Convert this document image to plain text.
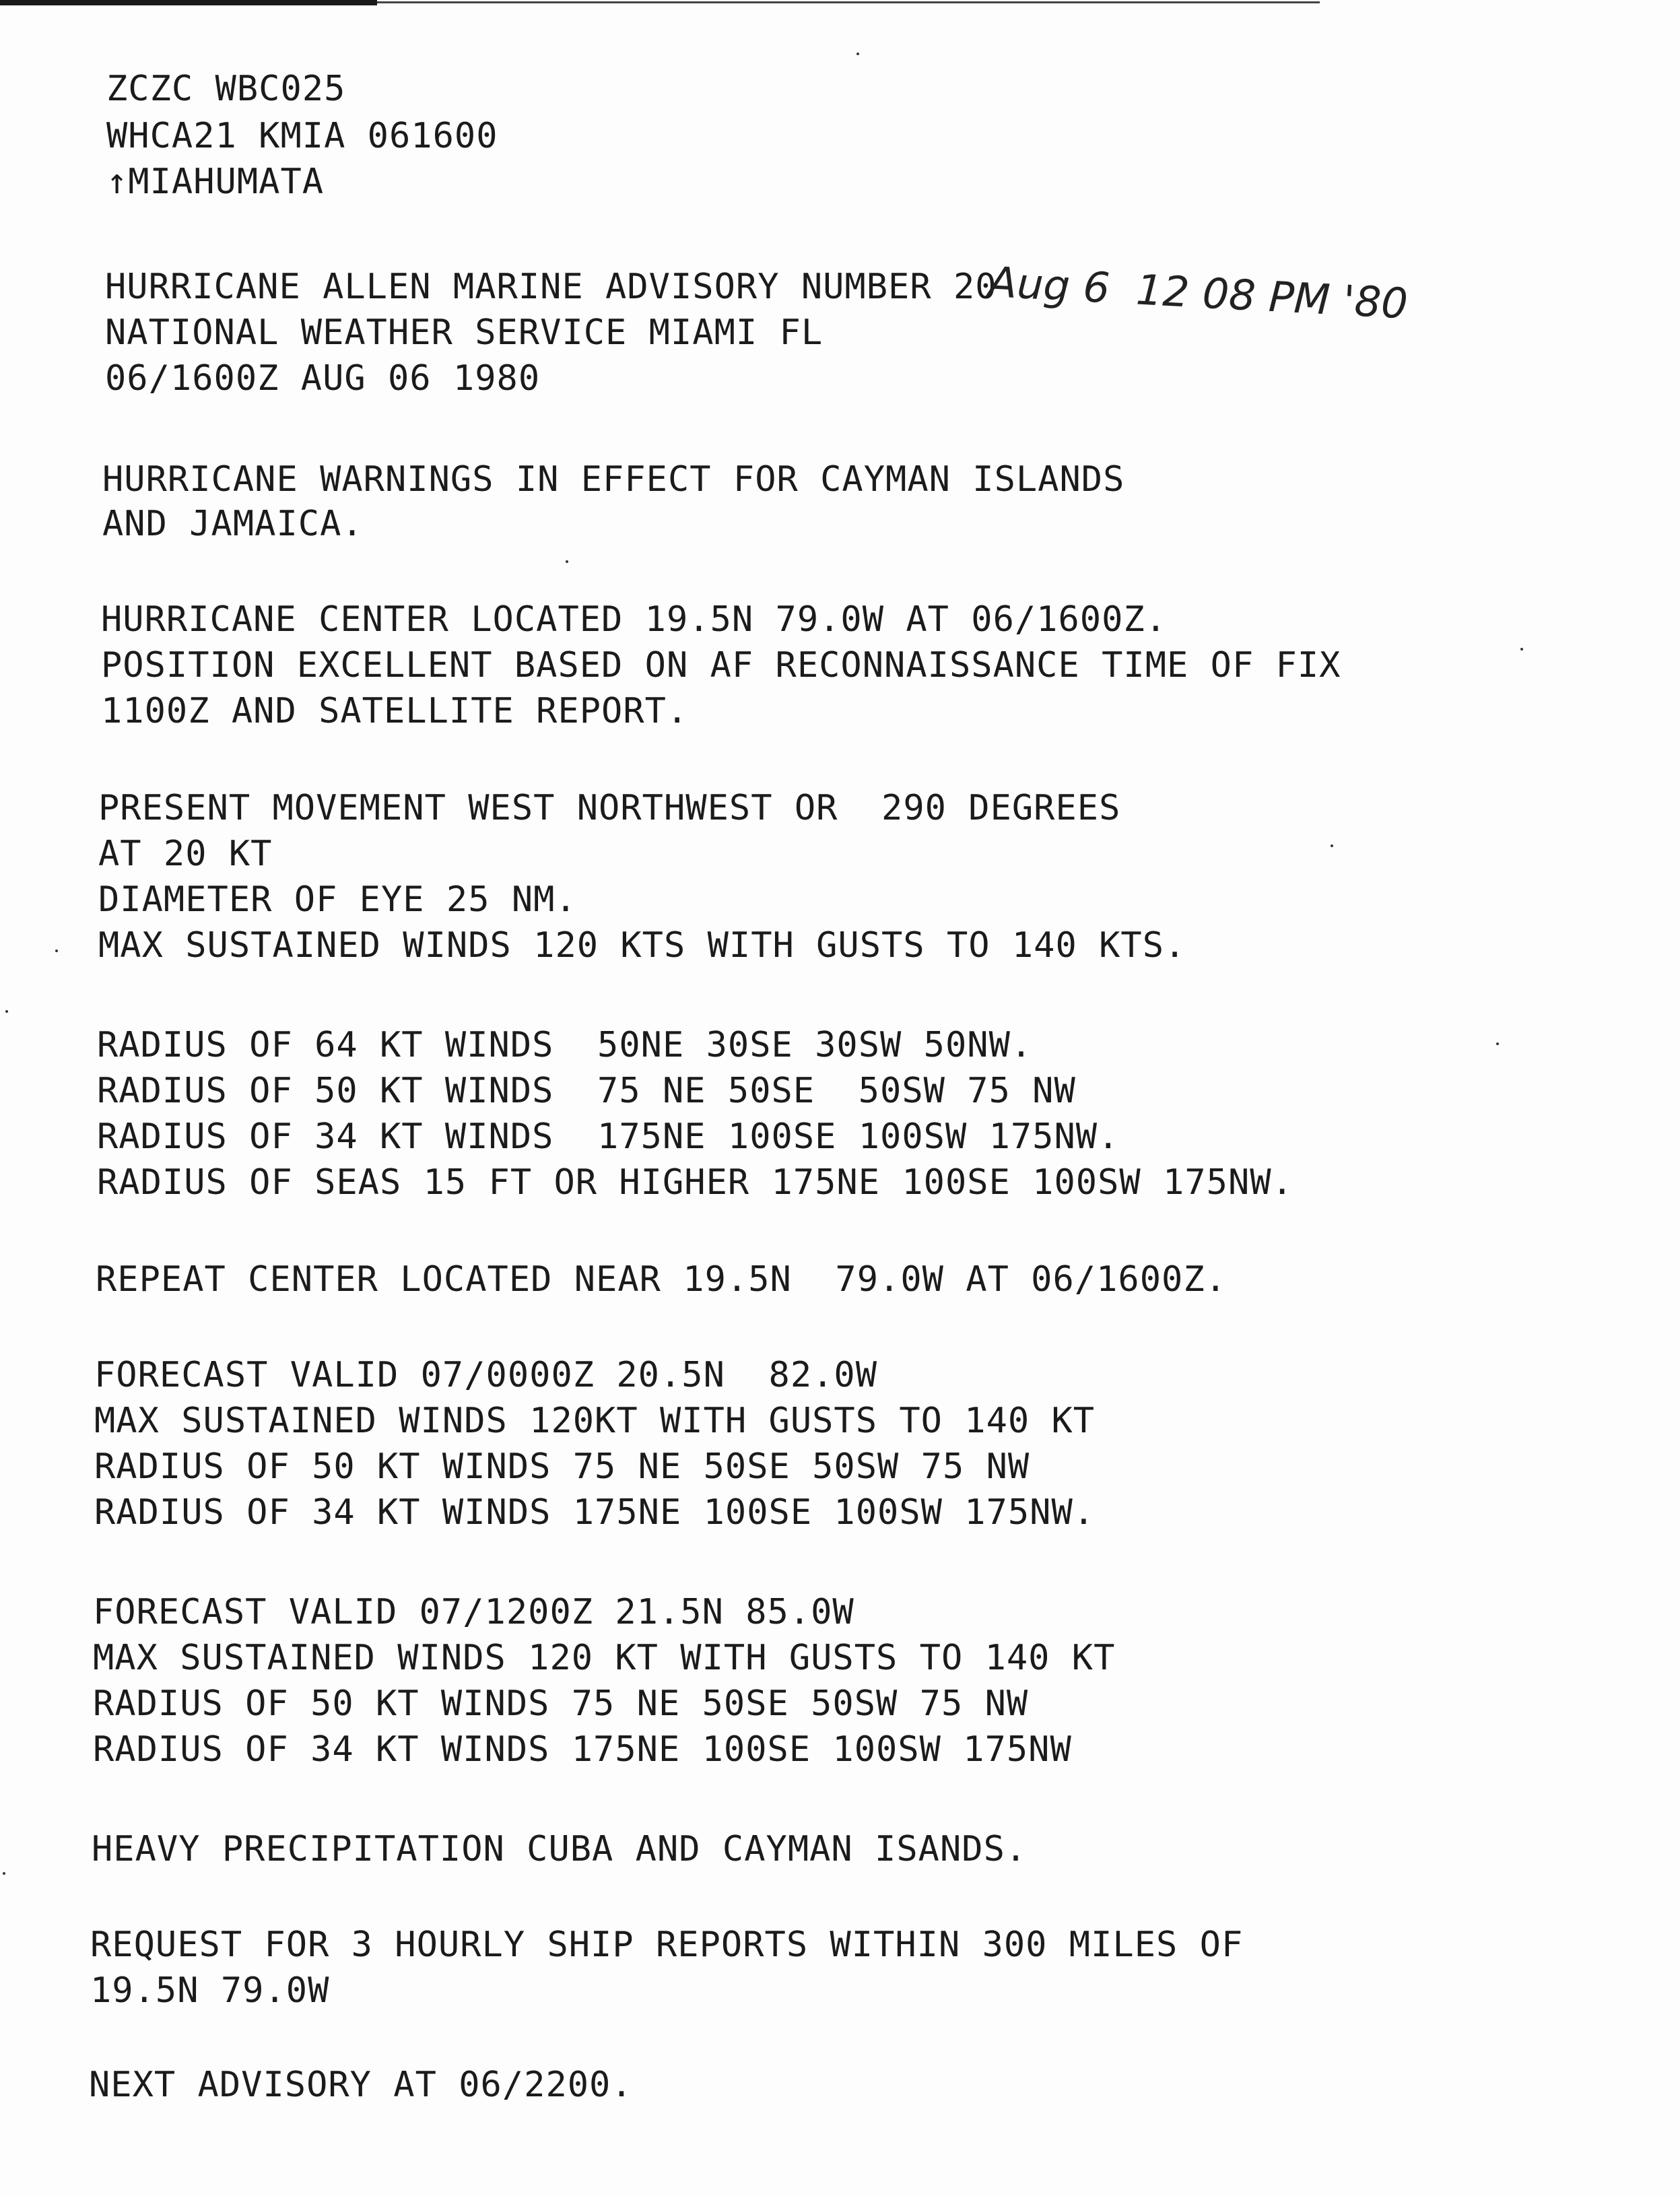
ZCZC WBC025
WHCA21 KMIA 061600
↑MIAHUMATA
HURRICANE ALLEN MARINE ADVISORY NUMBER 20
NATIONAL WEATHER SERVICE MIAMI FL
06/1600Z AUG 06 1980
Aug 6  12 08 PM '80
HURRICANE WARNINGS IN EFFECT FOR CAYMAN ISLANDS
AND JAMAICA.
HURRICANE CENTER LOCATED 19.5N 79.0W AT 06/1600Z.
POSITION EXCELLENT BASED ON AF RECONNAISSANCE TIME OF FIX
1100Z AND SATELLITE REPORT.
PRESENT MOVEMENT WEST NORTHWEST OR  290 DEGREES
AT 20 KT
DIAMETER OF EYE 25 NM.
MAX SUSTAINED WINDS 120 KTS WITH GUSTS TO 140 KTS.
RADIUS OF 64 KT WINDS  50NE 30SE 30SW 50NW.
RADIUS OF 50 KT WINDS  75 NE 50SE  50SW 75 NW
RADIUS OF 34 KT WINDS  175NE 100SE 100SW 175NW.
RADIUS OF SEAS 15 FT OR HIGHER 175NE 100SE 100SW 175NW.
REPEAT CENTER LOCATED NEAR 19.5N  79.0W AT 06/1600Z.
FORECAST VALID 07/0000Z 20.5N  82.0W
MAX SUSTAINED WINDS 120KT WITH GUSTS TO 140 KT
RADIUS OF 50 KT WINDS 75 NE 50SE 50SW 75 NW
RADIUS OF 34 KT WINDS 175NE 100SE 100SW 175NW.
FORECAST VALID 07/1200Z 21.5N 85.0W
MAX SUSTAINED WINDS 120 KT WITH GUSTS TO 140 KT
RADIUS OF 50 KT WINDS 75 NE 50SE 50SW 75 NW
RADIUS OF 34 KT WINDS 175NE 100SE 100SW 175NW
HEAVY PRECIPITATION CUBA AND CAYMAN ISANDS.
REQUEST FOR 3 HOURLY SHIP REPORTS WITHIN 300 MILES OF
19.5N 79.0W
NEXT ADVISORY AT 06/2200.
